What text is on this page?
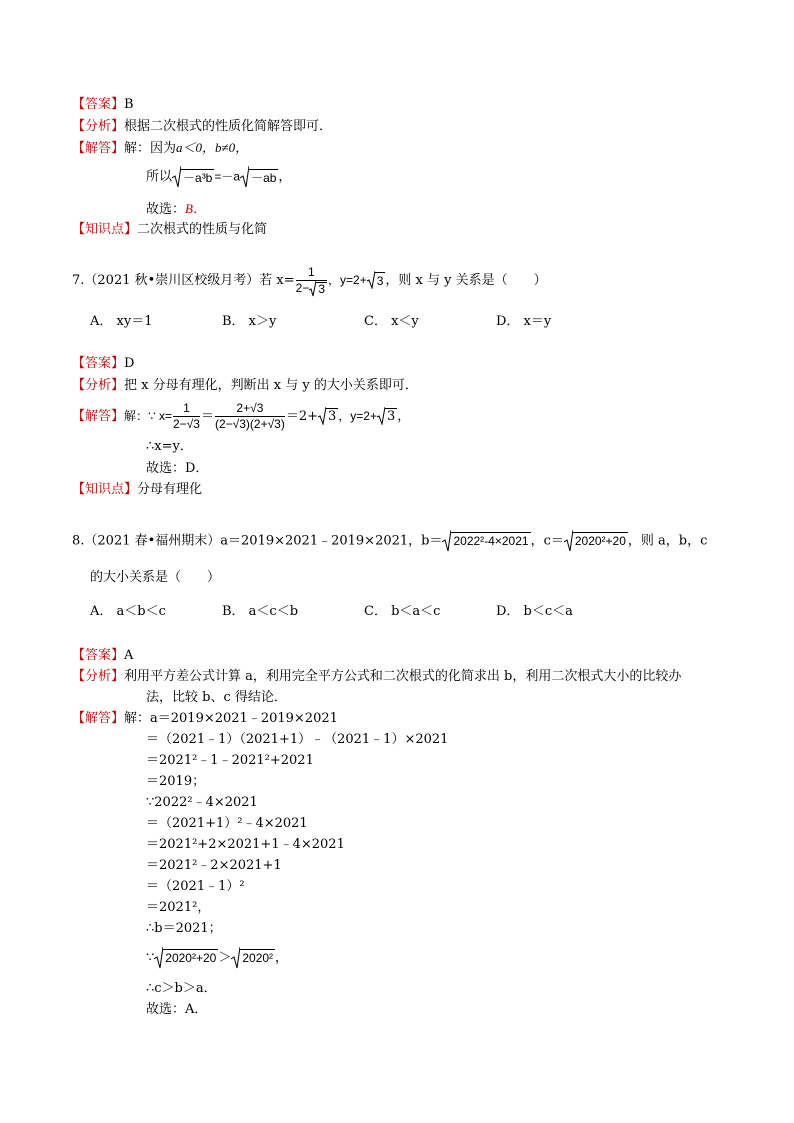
【答案】B
【分析】根据二次根式的性质化简解答即可．
【解答】解：因为a＜0，b≠0，
所以 －a³b =－a －ab ，
故选：B．
【知识点】二次根式的性质与化简
7.（2021 秋•崇川区校级月考）若 $x= \frac{1}{2- 3}$ ，y=2+ 3 ，则 x 与 y 关系是（　　）
A． xy＝1	B． x＞y	C． x＜y	D． x＝y
【答案】D
【分析】把 x 分母有理化，判断出 x 与 y 的大小关系即可．
【解答】解：∵ $x= \frac{1}{2-√3} = \frac{2+√3}{(2-√3)(2+√3)} =2+ 3$ ，y=2+ 3 ，
∴x=y．
故选：D．
【知识点】分母有理化
8.（2021 春•福州期末）a＝2019×2021﹣2019×2021，b＝ 2022²-4×2021 ，c＝ 2020²+20 ，则 a，b，c
的大小关系是（　　）
A． a＜b＜c	B． a＜c＜b	C． b＜a＜c	D． b＜c＜a
【答案】A
【分析】利用平方差公式计算 a，利用完全平方公式和二次根式的化简求出 b，利用二次根式大小的比较办
法，比较 b、c 得结论．
【解答】解：a＝2019×2021﹣2019×2021
＝（2021﹣1）（2021+1）﹣（2021﹣1）×2021
＝2021²﹣1﹣2021²+2021
＝2019；
∵2022²﹣4×2021
＝（2021+1）²﹣4×2021
＝2021²+2×2021+1﹣4×2021
＝2021²﹣2×2021+1
＝（2021﹣1）²
＝2021²，
∴b＝2021；
∵ 2020²+20 ＞ 2020² ，
∴c＞b＞a．
故选：A．
